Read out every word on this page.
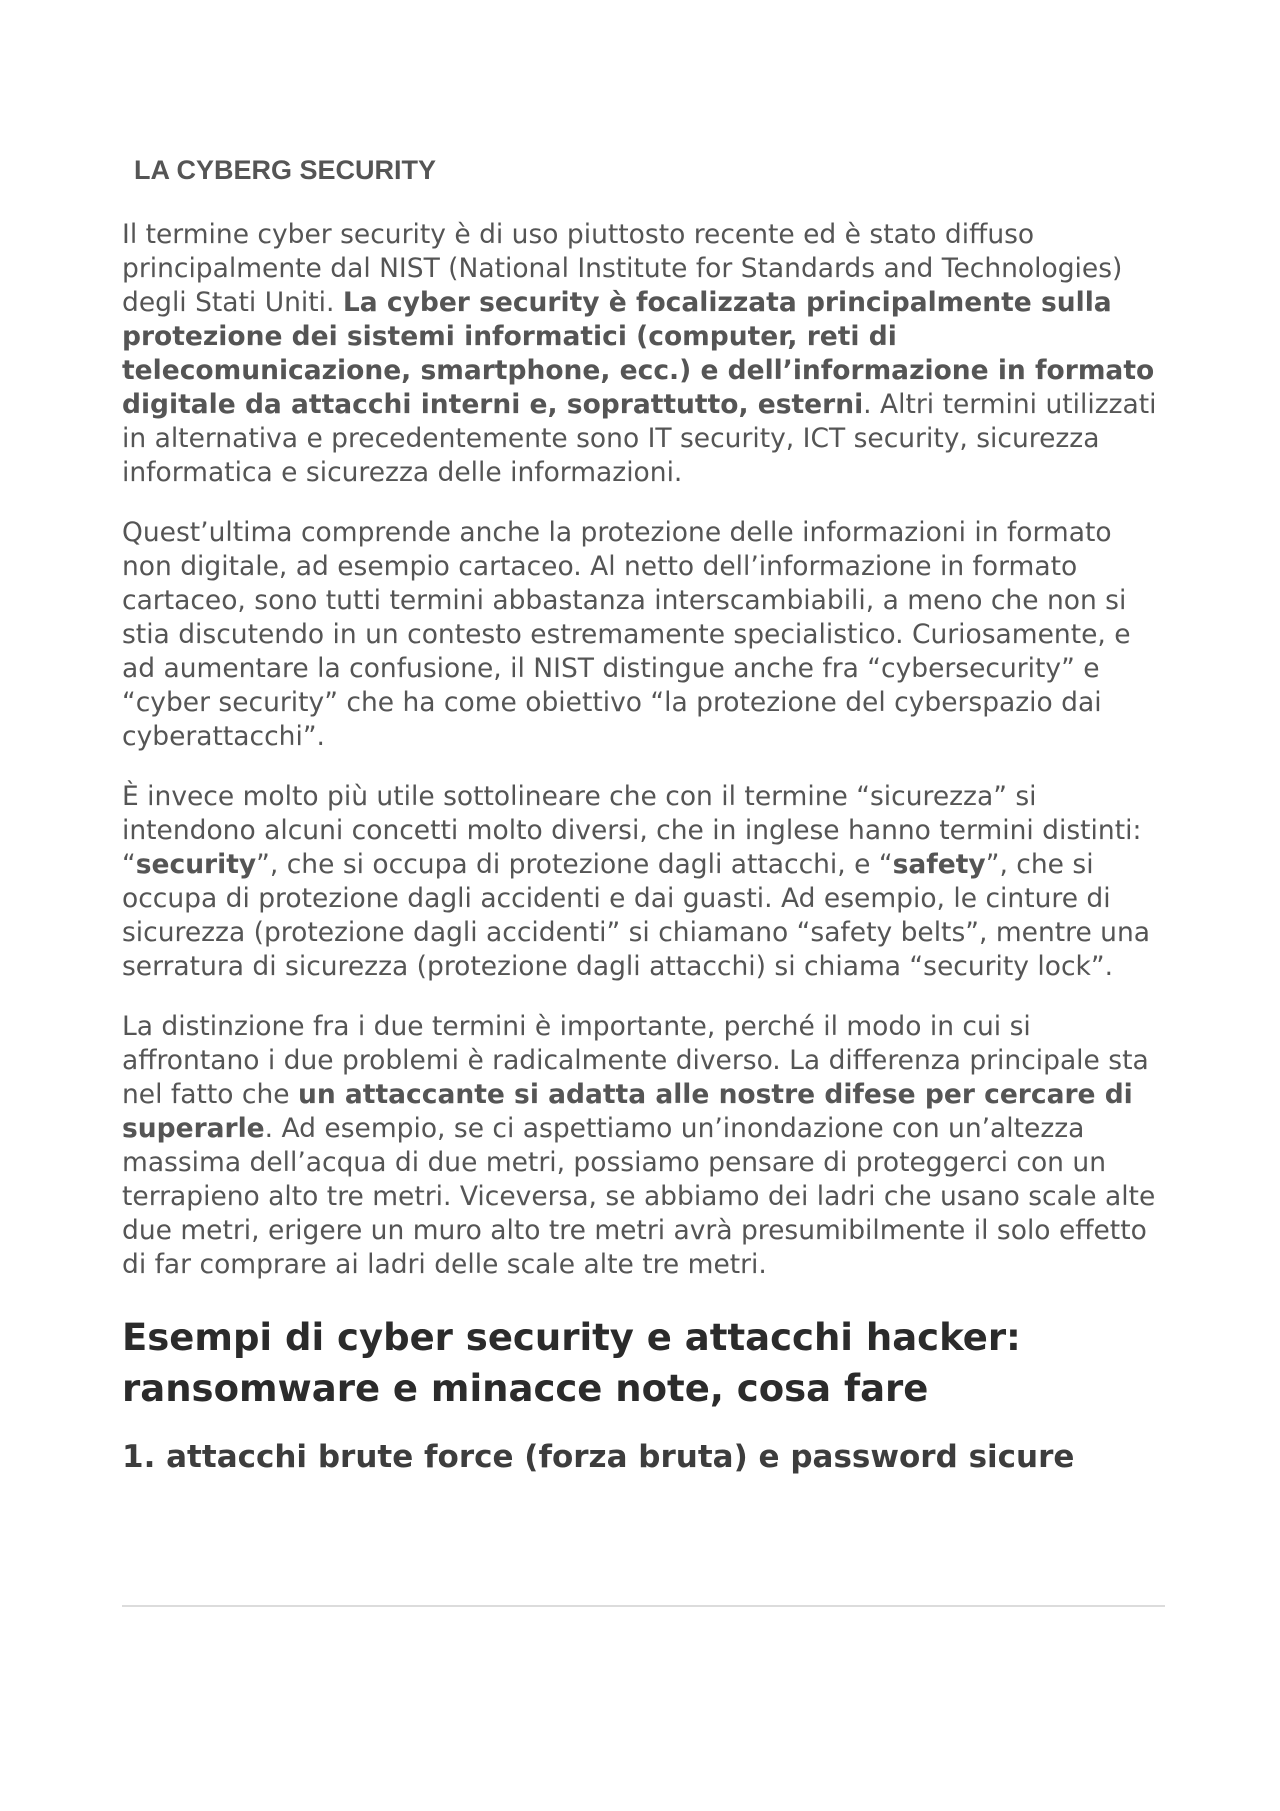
LA CYBERG SECURITY

Il termine cyber security è di uso piuttosto recente ed è stato diffuso principalmente dal NIST (National Institute for Standards and Technologies) degli Stati Uniti. La cyber security è focalizzata principalmente sulla protezione dei sistemi informatici (computer, reti di telecomunicazione, smartphone, ecc.) e dell’informazione in formato digitale da attacchi interni e, soprattutto, esterni. Altri termini utilizzati in alternativa e precedentemente sono IT security, ICT security, sicurezza informatica e sicurezza delle informazioni.

Quest’ultima comprende anche la protezione delle informazioni in formato non digitale, ad esempio cartaceo. Al netto dell’informazione in formato cartaceo, sono tutti termini abbastanza interscambiabili, a meno che non si stia discutendo in un contesto estremamente specialistico. Curiosamente, e ad aumentare la confusione, il NIST distingue anche fra “cybersecurity” e “cyber security” che ha come obiettivo “la protezione del cyberspazio dai cyberattacchi”.

È invece molto più utile sottolineare che con il termine “sicurezza” si intendono alcuni concetti molto diversi, che in inglese hanno termini distinti: “security”, che si occupa di protezione dagli attacchi, e “safety”, che si occupa di protezione dagli accidenti e dai guasti. Ad esempio, le cinture di sicurezza (protezione dagli accidenti” si chiamano “safety belts”, mentre una serratura di sicurezza (protezione dagli attacchi) si chiama “security lock”.

La distinzione fra i due termini è importante, perché il modo in cui si affrontano i due problemi è radicalmente diverso. La differenza principale sta nel fatto che un attaccante si adatta alle nostre difese per cercare di superarle. Ad esempio, se ci aspettiamo un’inondazione con un’altezza massima dell’acqua di due metri, possiamo pensare di proteggerci con un terrapieno alto tre metri. Viceversa, se abbiamo dei ladri che usano scale alte due metri, erigere un muro alto tre metri avrà presumibilmente il solo effetto di far comprare ai ladri delle scale alte tre metri.

Esempi di cyber security e attacchi hacker: ransomware e minacce note, cosa fare
1. attacchi brute force (forza bruta) e password sicure
